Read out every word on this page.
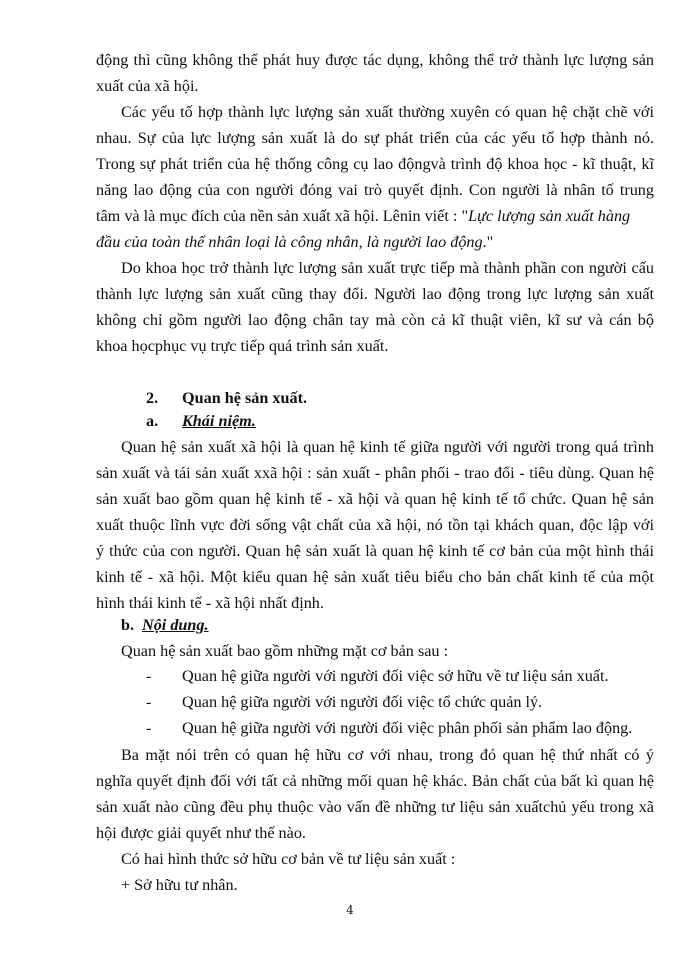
động thì cũng không thể phát huy được tác dụng, không thể trở thành lực lượng sản
xuất của xã hội.
Các yếu tố hợp thành lực lượng sản xuất thường xuyên có quan hệ chặt chẽ với
nhau. Sự của lực lượng sản xuất là do sự phát triển của các yếu tố hợp thành nó.
Trong sự phát triển của hệ thống công cụ lao độngvà trình độ khoa học - kĩ thuật, kĩ
năng lao động của con người đóng vai trò quyết định. Con người là nhân tố trung
tâm và là mục đích của nền sản xuất xã hội. Lênin viết : "Lực lượng sản xuất hàng
đầu của toàn thể nhân loại là công nhân, là người lao động."
Do khoa học trở thành lực lượng sản xuất trực tiếp mà thành phần con người cấu
thành lực lượng sản xuất cũng thay đổi. Người lao động trong lực lượng sản xuất
không chỉ gồm người lao động chân tay mà còn cả kĩ thuật viên, kĩ sư và cán bộ
khoa họcphục vụ trực tiếp quá trình sản xuất.
2. Quan hệ sản xuất.
a. Khái niệm.
Quan hệ sản xuất xã hội là quan hệ kinh tế giữa người với người trong quá trình
sản xuất và tái sản xuất xxã hội : sản xuất - phân phối - trao đổi - tiêu dùng. Quan hệ
sản xuất bao gồm quan hệ kinh tế - xã hội và quan hệ kinh tế tổ chức. Quan hệ sản
xuất thuộc lĩnh vực đời sống vật chất của xã hội, nó tồn tại khách quan, độc lập với
ý thức của con người. Quan hệ sản xuất là quan hệ kinh tế cơ bản của một hình thái
kinh tế - xã hội. Một kiểu quan hệ sản xuất tiêu biểu cho bản chất kinh tế của một
hình thái kinh tế - xã hội nhất định.
b. Nội dung.
Quan hệ sản xuất bao gồm những mặt cơ bản sau :
- Quan hệ giữa người với người đối việc sở hữu về tư liệu sản xuất.
- Quan hệ giữa người với người đối việc tổ chức quản lý.
- Quan hệ giữa người với người đối việc phân phối sản phẩm lao động.
Ba mặt nói trên có quan hệ hữu cơ với nhau, trong đó quan hệ thứ nhất có ý
nghĩa quyết định đối với tất cả những mối quan hệ khác. Bản chất của bất kì quan hệ
sản xuất nào cũng đều phụ thuộc vào vấn đề những tư liệu sản xuấtchủ yếu trong xã
hội được giải quyết như thế nào.
Có hai hình thức sở hữu cơ bản về tư liệu sản xuất :
+ Sở hữu tư nhân.
4
